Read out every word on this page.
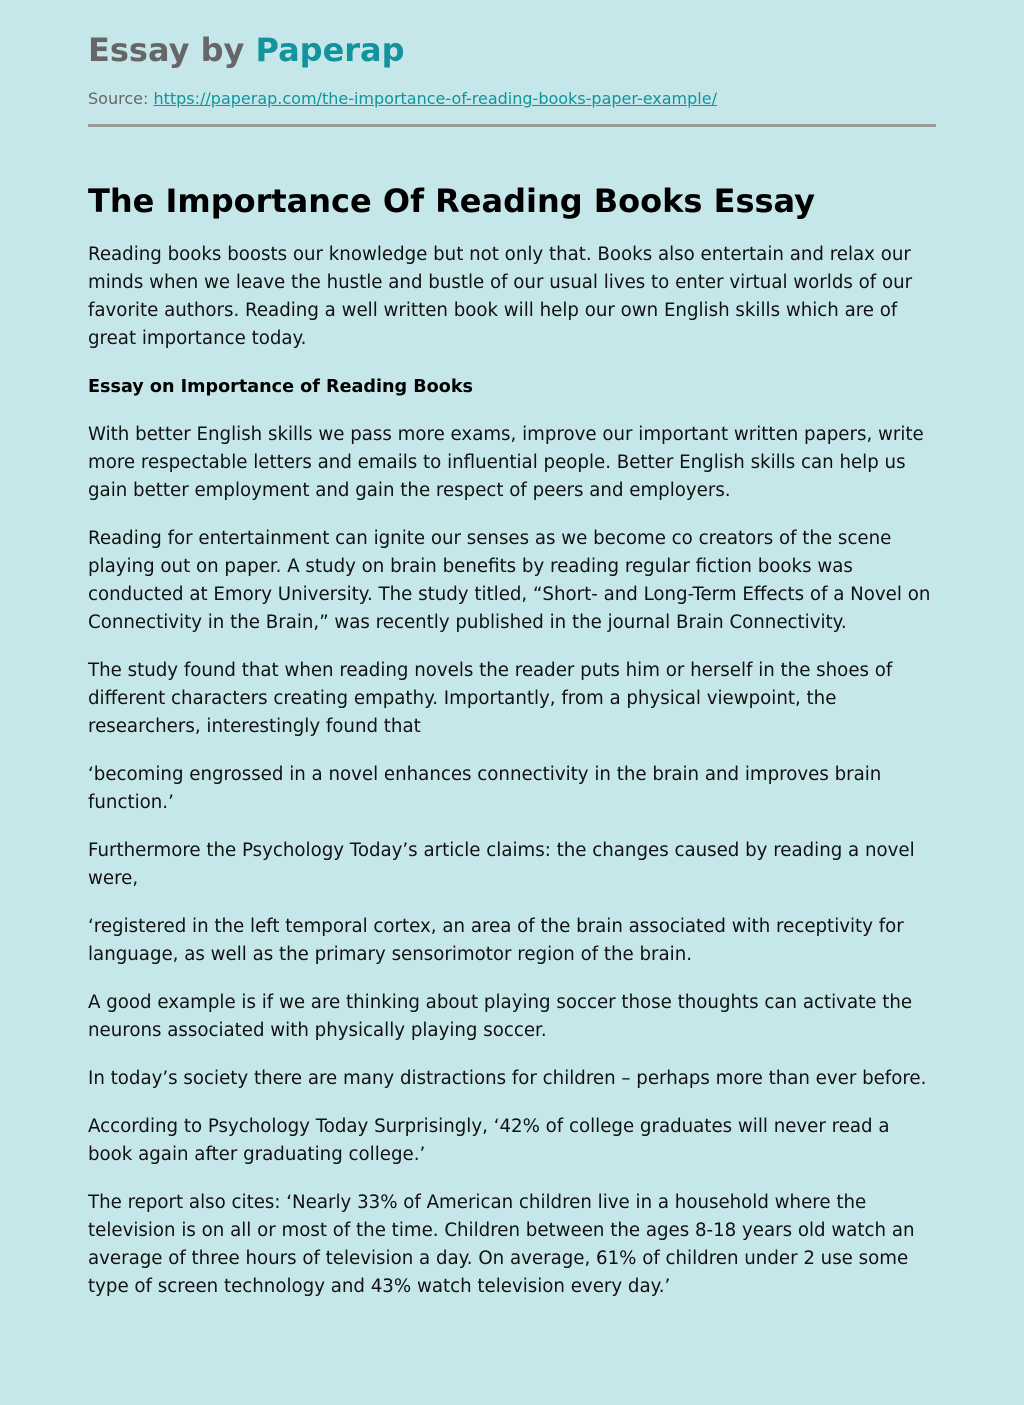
Essay by Paperap
Source: https://paperap.com/the-importance-of-reading-books-paper-example/
The Importance Of Reading Books Essay

Reading books boosts our knowledge but not only that. Books also entertain and relax our minds when we leave the hustle and bustle of our usual lives to enter virtual worlds of our favorite authors. Reading a well written book will help our own English skills which are of great importance today.

Essay on Importance of Reading Books

With better English skills we pass more exams, improve our important written papers, write more respectable letters and emails to influential people. Better English skills can help us gain better employment and gain the respect of peers and employers.

Reading for entertainment can ignite our senses as we become co creators of the scene playing out on paper. A study on brain benefits by reading regular fiction books was conducted at Emory University. The study titled, “Short- and Long-Term Effects of a Novel on Connectivity in the Brain,” was recently published in the journal Brain Connectivity.

The study found that when reading novels the reader puts him or herself in the shoes of different characters creating empathy. Importantly, from a physical viewpoint, the researchers, interestingly found that

‘becoming engrossed in a novel enhances connectivity in the brain and improves brain function.’

Furthermore the Psychology Today’s article claims: the changes caused by reading a novel were,

‘registered in the left temporal cortex, an area of the brain associated with receptivity for language, as well as the primary sensorimotor region of the brain.

A good example is if we are thinking about playing soccer those thoughts can activate the neurons associated with physically playing soccer.

In today’s society there are many distractions for children – perhaps more than ever before.

According to Psychology Today Surprisingly, ‘42% of college graduates will never read a book again after graduating college.’

The report also cites: ‘Nearly 33% of American children live in a household where the television is on all or most of the time. Children between the ages 8-18 years old watch an average of three hours of television a day. On average, 61% of children under 2 use some type of screen technology and 43% watch television every day.’
